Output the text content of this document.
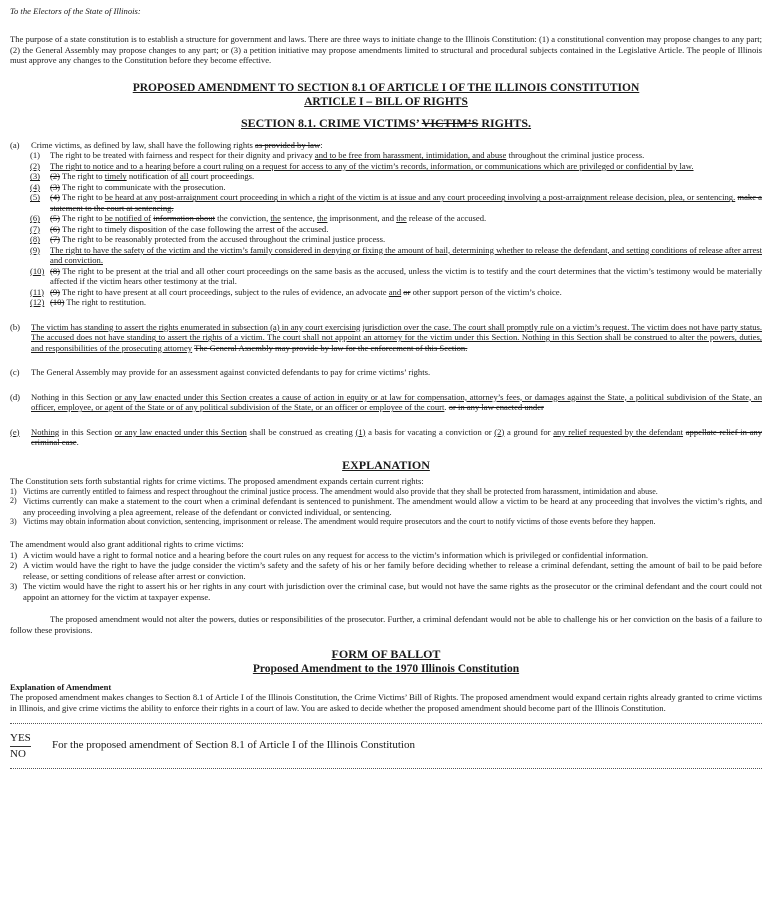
To the Electors of the State of Illinois:
The purpose of a state constitution is to establish a structure for government and laws. There are three ways to initiate change to the Illinois Constitution: (1) a constitutional convention may propose changes to any part; (2) the General Assembly may propose changes to any part; or (3) a petition initiative may propose amendments limited to structural and procedural subjects contained in the Legislative Article. The people of Illinois must approve any changes to the Constitution before they become effective.
PROPOSED AMENDMENT TO SECTION 8.1 OF ARTICLE I OF THE ILLINOIS CONSTITUTION
ARTICLE I – BILL OF RIGHTS
SECTION 8.1. CRIME VICTIMS’ VICTIM’S RIGHTS.
(a)	Crime victims, as defined by law, shall have the following rights as provided by law:
(1)	The right to be treated with fairness and respect for their dignity and privacy and to be free from harassment, intimidation, and abuse throughout the criminal justice process.
(2)	The right to notice and to a hearing before a court ruling on a request for access to any of the victim’s records, information, or communications which are privileged or confidential by law.
(3)	(2) The right to timely notification of all court proceedings.
(4)	(3) The right to communicate with the prosecution.
(5)	(4) The right to be heard at any post-arraignment court proceeding in which a right of the victim is at issue and any court proceeding involving a post-arraignment release decision, plea, or sentencing. make a statement to the court at sentencing.
(6)	(5) The right to be notified of information about the conviction, the sentence, the imprisonment, and the release of the accused.
(7)	(6) The right to timely disposition of the case following the arrest of the accused.
(8)	(7) The right to be reasonably protected from the accused throughout the criminal justice process.
(9)	The right to have the safety of the victim and the victim’s family considered in denying or fixing the amount of bail, determining whether to release the defendant, and setting conditions of release after arrest and conviction.
(10) (8) The right to be present at the trial and all other court proceedings on the same basis as the accused, unless the victim is to testify and the court determines that the victim’s testimony would be materially affected if the victim hears other testimony at the trial.
(11) (9) The right to have present at all court proceedings, subject to the rules of evidence, an advocate and or other support person of the victim’s choice.
(12) (10) The right to restitution.
(b)	The victim has standing to assert the rights enumerated in subsection (a) in any court exercising jurisdiction over the case. The court shall promptly rule on a victim’s request. The victim does not have party status. The accused does not have standing to assert the rights of a victim. The court shall not appoint an attorney for the victim under this Section. Nothing in this Section shall be construed to alter the powers, duties, and responsibilities of the prosecuting attorney The General Assembly may provide by law for the enforcement of this Section.
(c)	The General Assembly may provide for an assessment against convicted defendants to pay for crime victims’ rights.
(d)	Nothing in this Section or any law enacted under this Section creates a cause of action in equity or at law for compensation, attorney’s fees, or damages against the State, a political subdivision of the State, an officer, employee, or agent of the State or of any political subdivision of the State, or an officer or employee of the court. or in any law enacted under
(e)	Nothing in this Section or any law enacted under this Section shall be construed as creating (1) a basis for vacating a conviction or (2) a ground for any relief requested by the defendant appellate relief in any criminal case.
EXPLANATION
The Constitution sets forth substantial rights for crime victims. The proposed amendment expands certain current rights:
1) Victims are currently entitled to fairness and respect throughout the criminal justice process. The amendment would also provide that they shall be protected from harassment, intimidation and abuse.
2) Victims currently can make a statement to the court when a criminal defendant is sentenced to punishment. The amendment would allow a victim to be heard at any proceeding that involves the victim’s rights, and any proceeding involving a plea agreement, release of the defendant or convicted individual, or sentencing.
3) Victims may obtain information about conviction, sentencing, imprisonment or release. The amendment would require prosecutors and the court to notify victims of those events before they happen.
The amendment would also grant additional rights to crime victims:
1) A victim would have a right to formal notice and a hearing before the court rules on any request for access to the victim’s information which is privileged or confidential information.
2) A victim would have the right to have the judge consider the victim’s safety and the safety of his or her family before deciding whether to release a criminal defendant, setting the amount of bail to be paid before release, or setting conditions of release after arrest or conviction.
3) The victim would have the right to assert his or her rights in any court with jurisdiction over the criminal case, but would not have the same rights as the prosecutor or the criminal defendant and the court could not appoint an attorney for the victim at taxpayer expense.
The proposed amendment would not alter the powers, duties or responsibilities of the prosecutor. Further, a criminal defendant would not be able to challenge his or her conviction on the basis of a failure to follow these provisions.
FORM OF BALLOT
Proposed Amendment to the 1970 Illinois Constitution
Explanation of Amendment
The proposed amendment makes changes to Section 8.1 of Article I of the Illinois Constitution, the Crime Victims’ Bill of Rights. The proposed amendment would expand certain rights already granted to crime victims in Illinois, and give crime victims the ability to enforce their rights in a court of law. You are asked to decide whether the proposed amendment should become part of the Illinois Constitution.
YES
NO
For the proposed amendment of Section 8.1 of Article I of the Illinois Constitution
